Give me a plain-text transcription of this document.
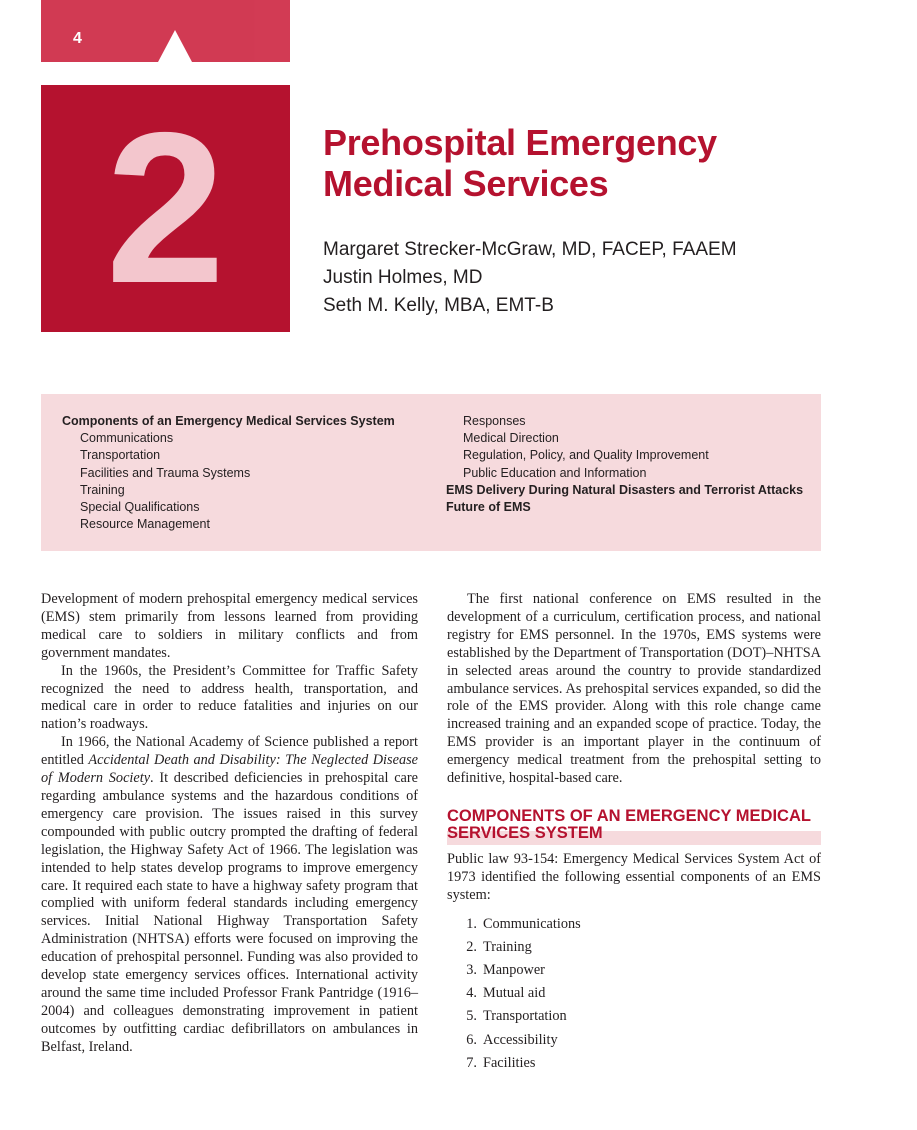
4
2	Prehospital Emergency
Medical Services
Margaret Strecker-McGraw, MD, FACEP, FAAEM
Justin Holmes, MD
Seth M. Kelly, MBA, EMT-B
Components of an Emergency Medical Services System
Communications
Transportation
Facilities and Trauma Systems
Training
Special Qualifications
Resource Management
Responses
Medical Direction
Regulation, Policy, and Quality Improvement
Public Education and Information
EMS Delivery During Natural Disasters and Terrorist Attacks
Future of EMS

Development of modern prehospital emergency medical services (EMS) stem primarily from lessons learned from providing medical care to soldiers in military conflicts and from government mandates.

In the 1960s, the President’s Committee for Traffic Safety recognized the need to address health, transportation, and medical care in order to reduce fatalities and injuries on our nation’s roadways.

In 1966, the National Academy of Science published a report entitled Accidental Death and Disability: The Neglected Disease of Modern Society. It described deficiencies in prehospital care regarding ambulance systems and the hazardous conditions of emergency care provision. The issues raised in this survey compounded with public outcry prompted the drafting of federal legislation, the Highway Safety Act of 1966. The legislation was intended to help states develop programs to improve emergency care. It required each state to have a highway safety program that complied with uniform federal standards including emergency services. Initial National Highway Transportation Safety Administration (NHTSA) efforts were focused on improving the education of prehospital personnel. Funding was also provided to develop state emergency services offices. International activity around the same time included Professor Frank Pantridge (1916–2004) and colleagues demonstrating improvement in patient outcomes by outfitting cardiac defibrillators on ambulances in Belfast, Ireland.

The first national conference on EMS resulted in the development of a curriculum, certification process, and national registry for EMS personnel. In the 1970s, EMS systems were established by the Department of Transportation (DOT)–NHTSA in selected areas around the country to provide standardized ambulance services. As prehospital services expanded, so did the role of the EMS provider. Along with this role change came increased training and an expanded scope of practice. Today, the EMS provider is an important player in the continuum of emergency medical treatment from the prehospital setting to definitive, hospital-based care.

COMPONENTS OF AN EMERGENCY MEDICAL

SERVICES SYSTEM

Public law 93-154: Emergency Medical Services System Act of 1973 identified the following essential components of an EMS system:

1. Communications
2. Training
3. Manpower
4. Mutual aid
5. Transportation
6. Accessibility
7. Facilities
